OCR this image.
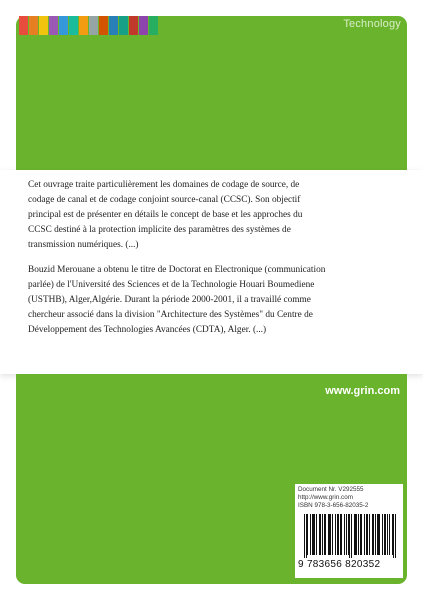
Technology

Cet ouvrage traite particulièrement les domaines de codage de source, de
codage de canal et de codage conjoint source-canal (CCSC). Son objectif
principal est de présenter en détails le concept de base et les approches du
CCSC destiné à la protection implicite des paramètres des systèmes de
transmission numériques. (...)

Bouzid Merouane a obtenu le titre de Doctorat en Electronique (communication
parlée) de l'Université des Sciences et de la Technologie Houari Boumediene
(USTHB), Alger,Algérie. Durant la période 2000-2001, il a travaillé comme
chercheur associé dans la division "Architecture des Systèmes" du Centre de
Développement des Technologies Avancées (CDTA), Alger. (...)

www.grin.com
Document Nr. V292555
http://www.grin.com
ISBN 978-3-656-82035-2
9 783656 820352
